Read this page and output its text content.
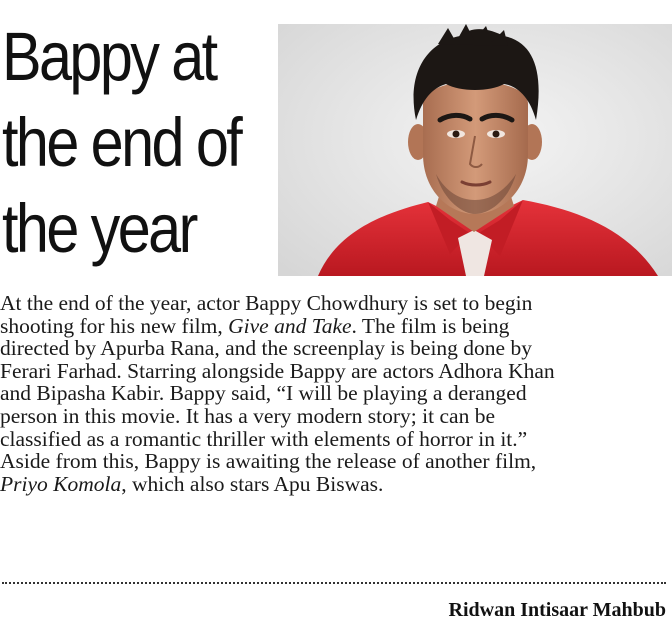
Bappy at
the end of
the year
At the end of the year, actor Bappy Chowdhury is set to begin
shooting for his new film, Give and Take. The film is being
directed by Apurba Rana, and the screenplay is being done by
Ferari Farhad. Starring alongside Bappy are actors Adhora Khan
and Bipasha Kabir. Bappy said, “I will be playing a deranged
person in this movie. It has a very modern story; it can be
classified as a romantic thriller with elements of horror in it.”
Aside from this, Bappy is awaiting the release of another film,
Priyo Komola, which also stars Apu Biswas.

Ridwan Intisaar Mahbub
